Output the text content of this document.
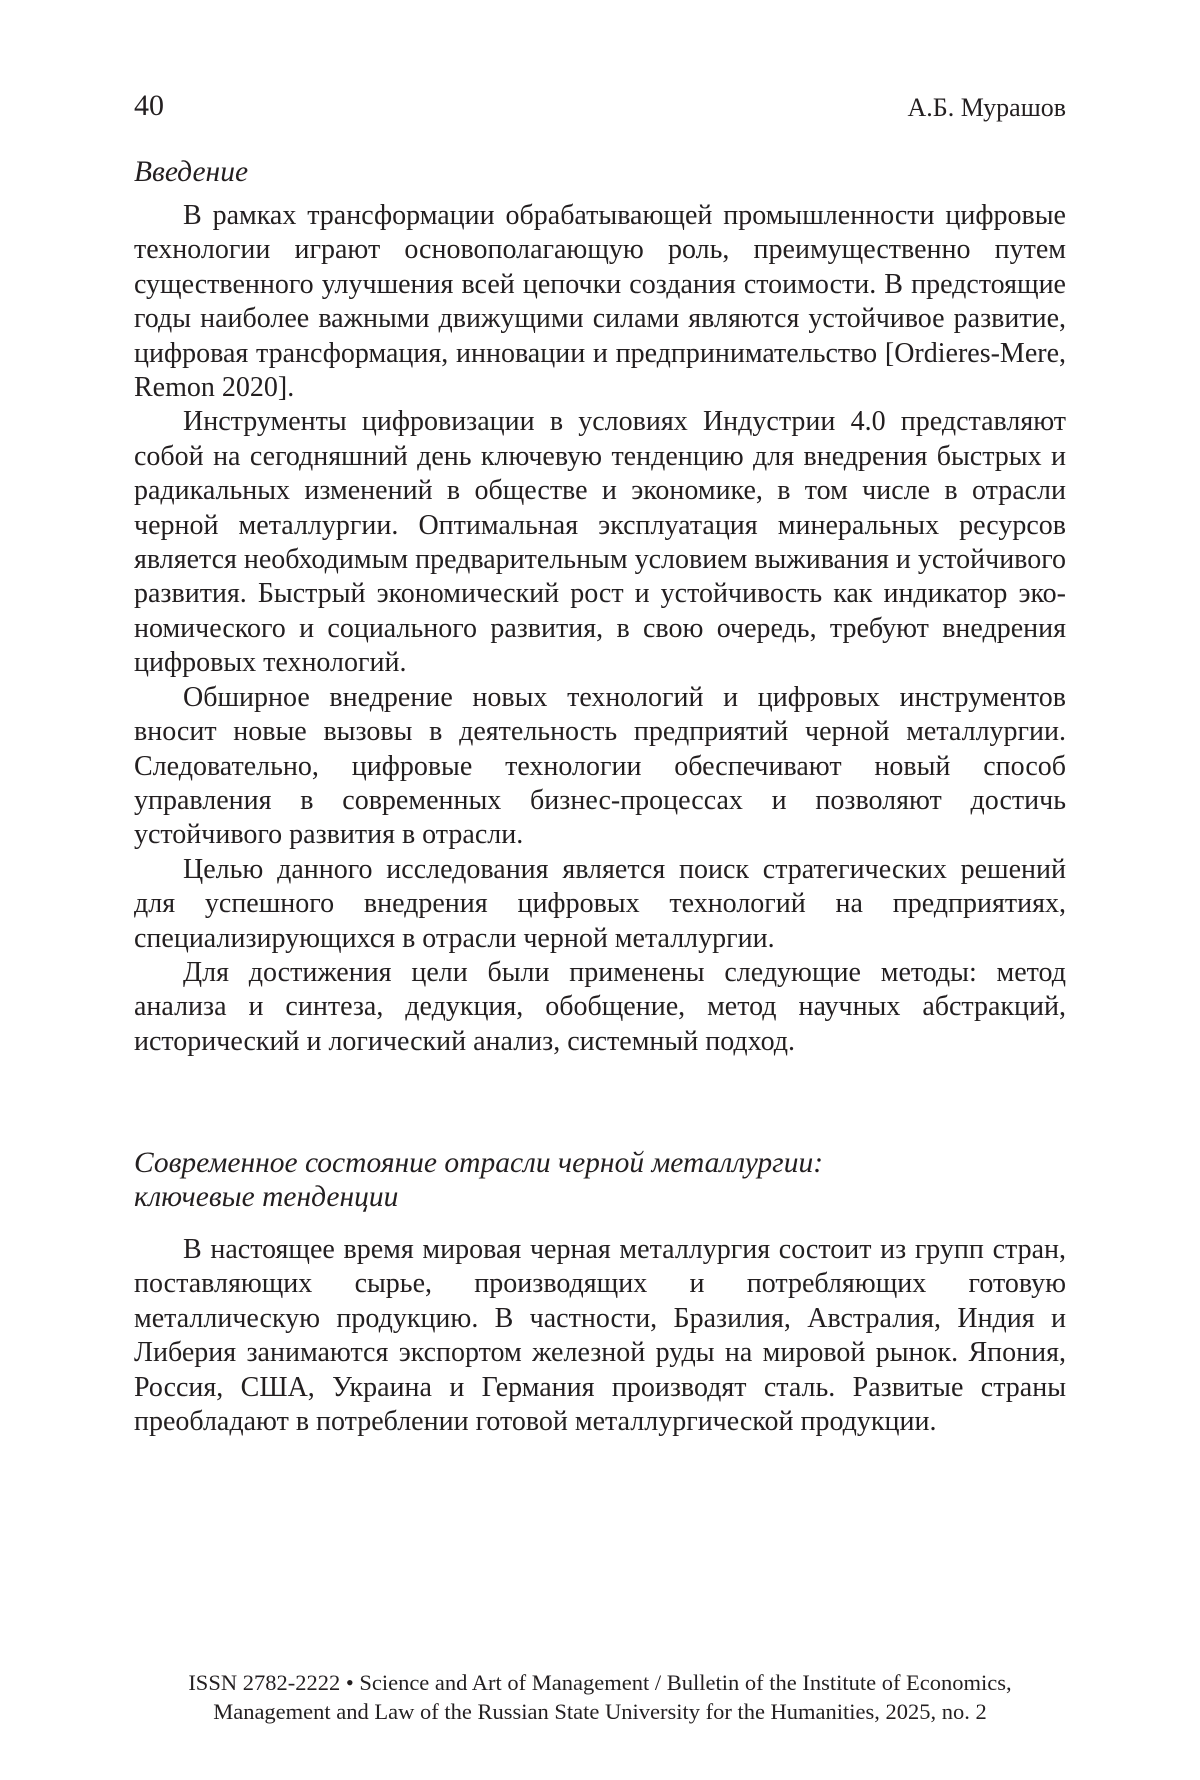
40	А.Б. Мурашов
Введение

В рамках трансформации обрабатывающей промышленности цифровые технологии играют основополагающую роль, преимущественно путем существенного улучшения всей цепочки создания стоимости. В предстоящие годы наиболее важными движущими силами являются устойчивое развитие, цифровая трансформация, инновации и предпринимательство [Ordieres-Mere, Remon 2020].

Инструменты цифровизации в условиях Индустрии 4.0 представляют собой на сегодняшний день ключевую тенденцию для внедрения быстрых и радикальных изменений в обществе и экономике, в том числе в отрасли черной металлургии. Оптимальная эксплуатация минеральных ресурсов является необходимым предварительным условием выживания и устойчивого развития. Быстрый экономический рост и устойчивость как индикатор экономического и социального развития, в свою очередь, требуют внедрения цифровых технологий.

Обширное внедрение новых технологий и цифровых инструментов вносит новые вызовы в деятельность предприятий черной металлургии. Следовательно, цифровые технологии обеспечивают новый способ управления в современных бизнес-процессах и позволяют достичь устойчивого развития в отрасли.

Целью данного исследования является поиск стратегических решений для успешного внедрения цифровых технологий на предприятиях, специализирующихся в отрасли черной металлургии.

Для достижения цели были применены следующие методы: метод анализа и синтеза, дедукция, обобщение, метод научных абстракций, исторический и логический анализ, системный подход.

Современное состояние отрасли черной металлургии:
ключевые тенденции

В настоящее время мировая черная металлургия состоит из групп стран, поставляющих сырье, производящих и потребляющих готовую металлическую продукцию. В частности, Бразилия, Австралия, Индия и Либерия занимаются экспортом железной руды на мировой рынок. Япония, Россия, США, Украина и Германия производят сталь. Развитые страны преобладают в потреблении готовой металлургической продукции.

ISSN 2782-2222 • Science and Art of Management / Bulletin of the Institute of Economics,
Management and Law of the Russian State University for the Humanities, 2025, no. 2
